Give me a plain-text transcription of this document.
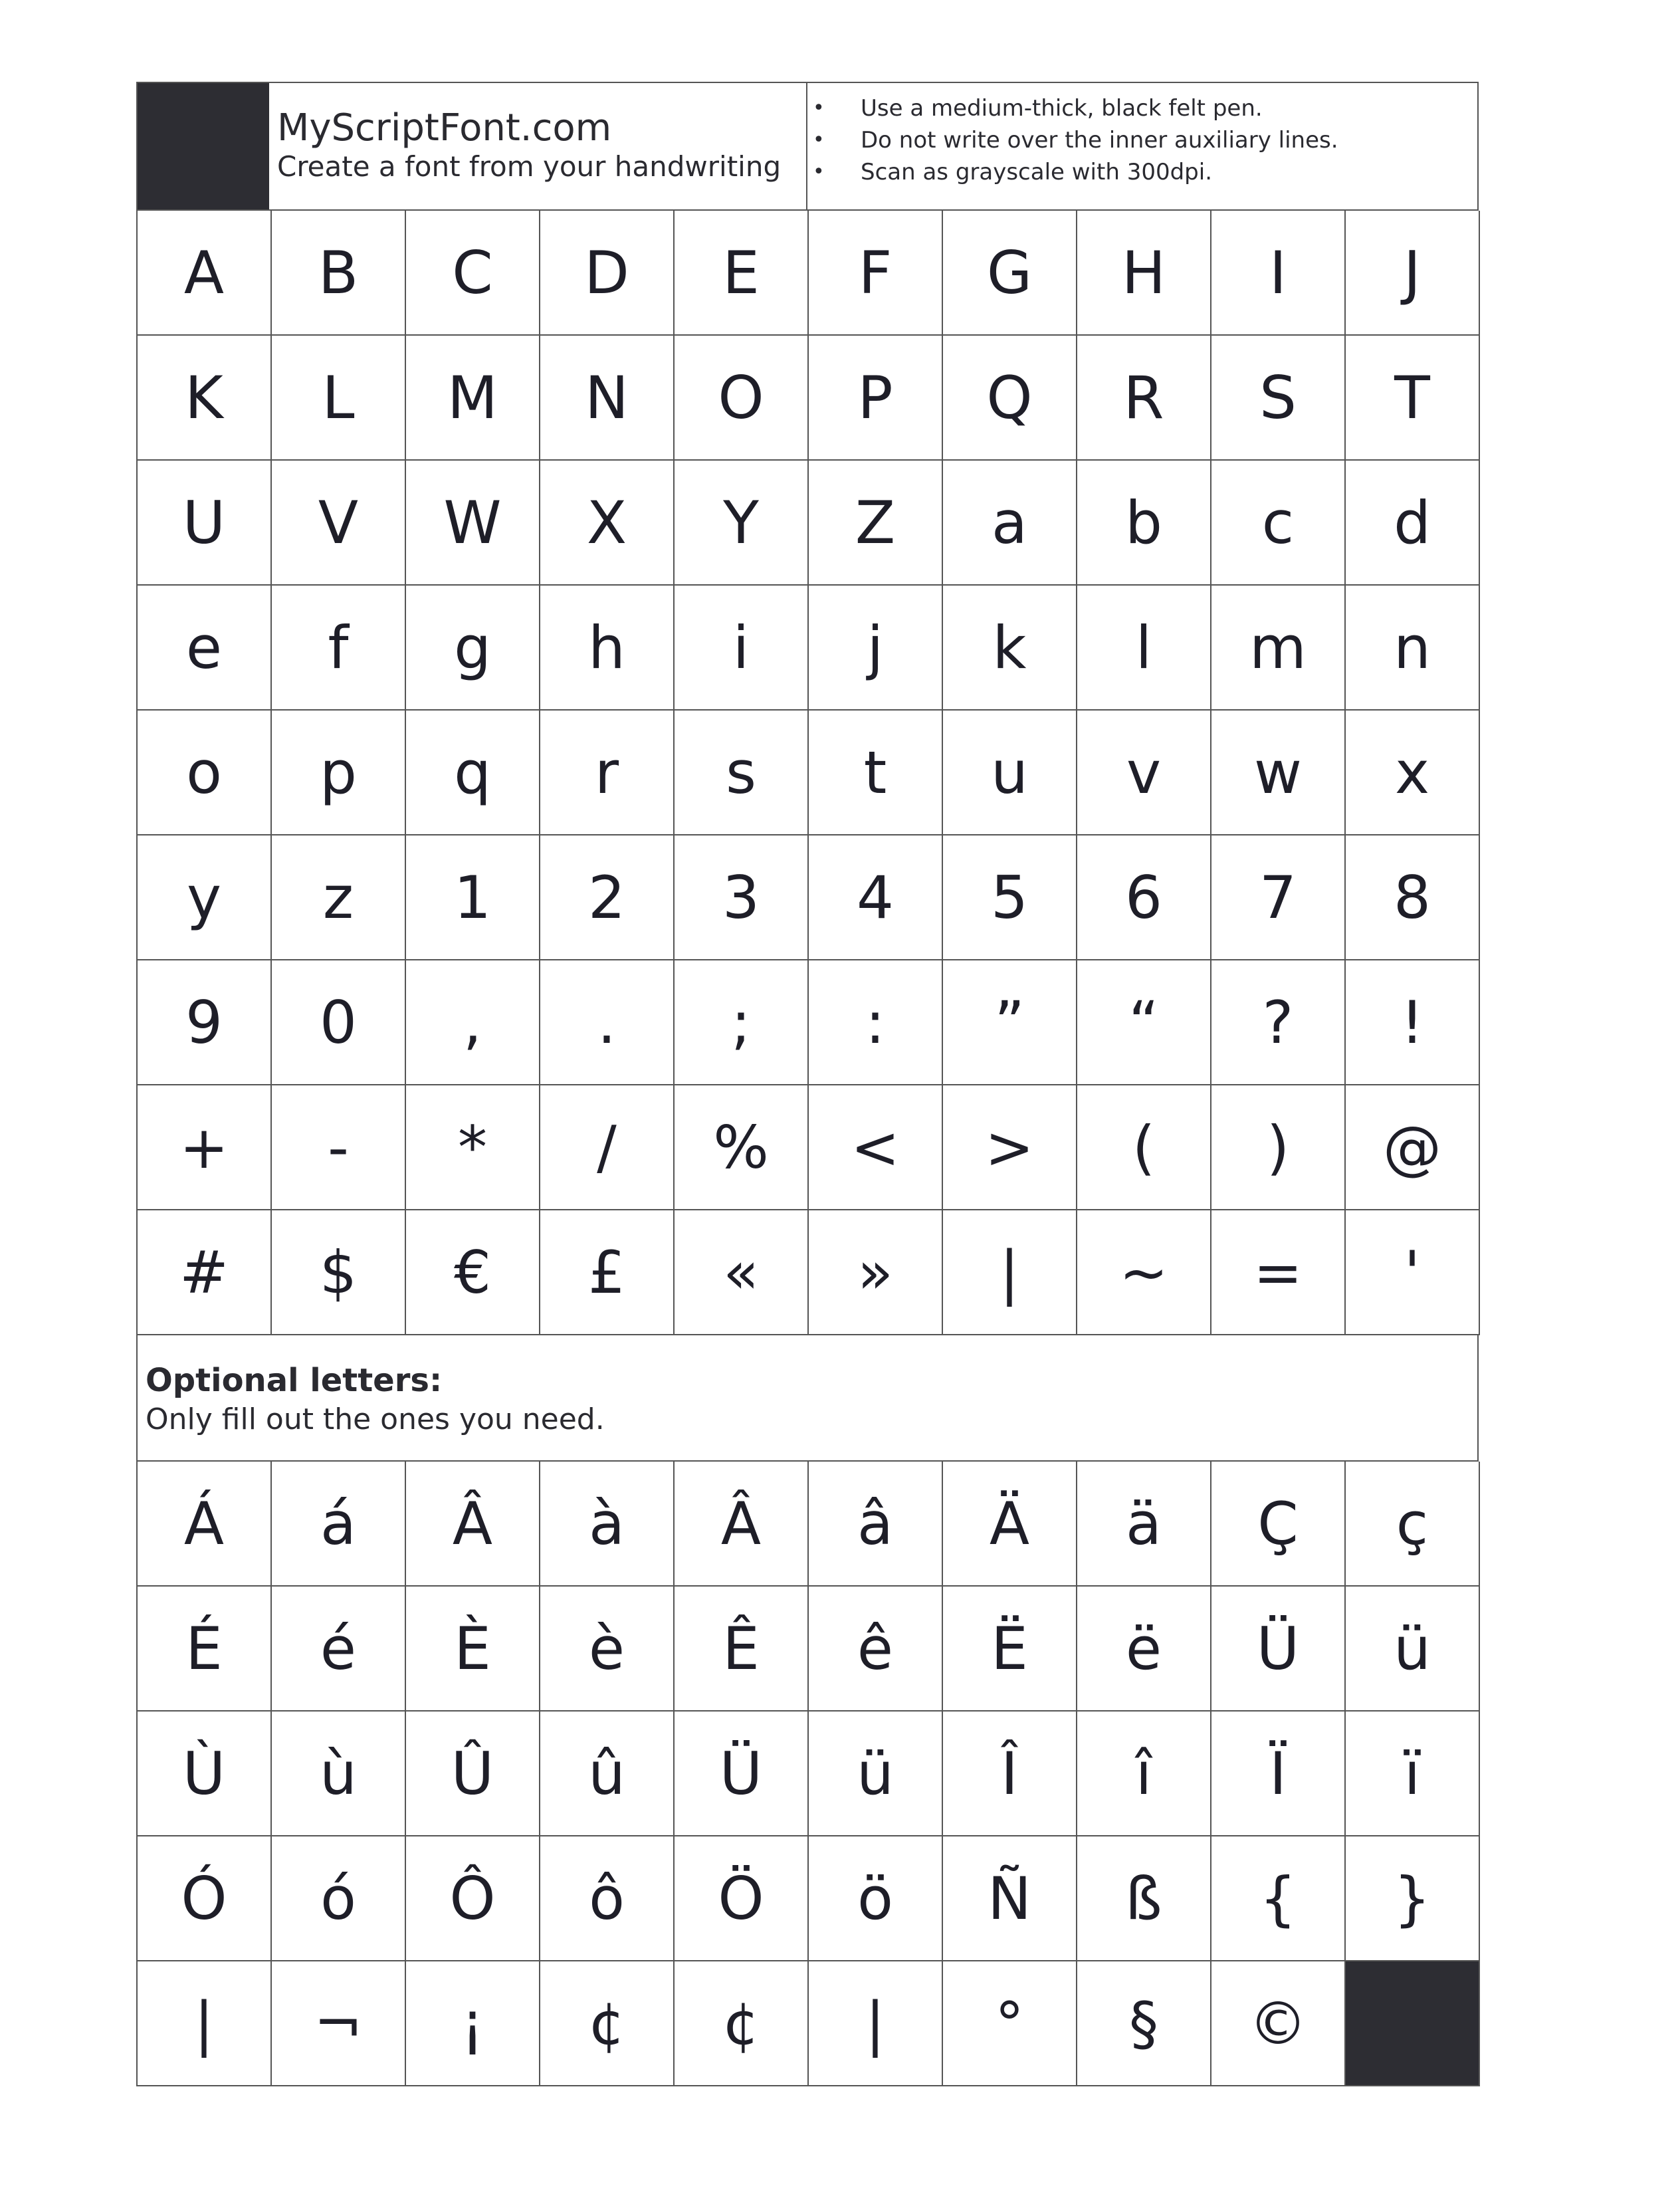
MyScriptFont.com
Create a font from your handwriting
• Use a medium-thick, black felt pen.
• Do not write over the inner auxiliary lines.
• Scan as grayscale with 300dpi.
A	B	C	D	E	F	G	H	I	J
K	L	M	N	O	P	Q	R	S	T
U	V	W	X	Y	Z	a	b	c	d
e	f	g	h	i	j	k	l	m	n
o	p	q	r	s	t	u	v	w	x
y	z	1	2	3	4	5	6	7	8
9	0	,	.	;	:	”	“	?	!
+	-	*	/	%	<	>	(	)	@
#	$	€	£	«	»	|	~	=	'
Optional letters:
Only fill out the ones you need.
Á	á	Â	à	Â	â	Ä	ä	Ç	ç
É	é	È	è	Ê	ê	Ë	ë	Ü	ü
Ù	ù	Û	û	Ü	ü	Î	î	Ï	ï
Ó	ó	Ô	ô	Ö	ö	Ñ	ß	{	}
|	¬	¡	¢	¢	|	°	§	©
